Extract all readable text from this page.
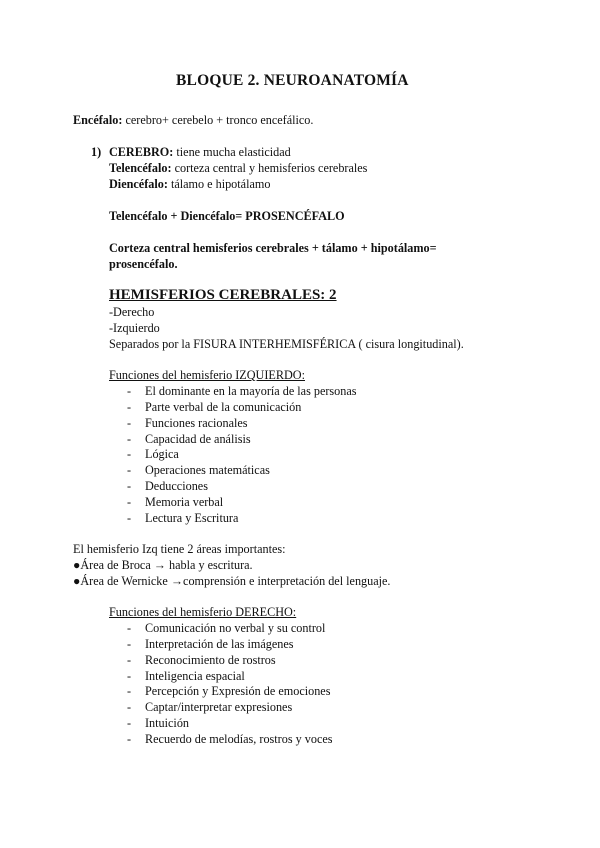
BLOQUE 2. NEUROANATOMÍA
Encéfalo: cerebro+ cerebelo + tronco encefálico.
1) CEREBRO: tiene mucha elasticidad
Telencéfalo: corteza central y hemisferios cerebrales
Diencéfalo: tálamo e hipotálamo
Telencéfalo + Diencéfalo= PROSENCÉFALO
Corteza central hemisferios cerebrales + tálamo + hipotálamo=
prosencéfalo.
HEMISFERIOS CEREBRALES: 2
-Derecho
-Izquierdo
Separados por la FISURA INTERHEMISFÉRICA ( cisura longitudinal).
Funciones del hemisferio IZQUIERDO:
- El dominante en la mayoría de las personas
- Parte verbal de la comunicación
- Funciones racionales
- Capacidad de análisis
- Lógica
- Operaciones matemáticas
- Deducciones
- Memoria verbal
- Lectura y Escritura
El hemisferio Izq tiene 2 áreas importantes:
●Área de Broca → habla y escritura.
●Área de Wernicke →comprensión e interpretación del lenguaje.
Funciones del hemisferio DERECHO:
- Comunicación no verbal y su control
- Interpretación de las imágenes
- Reconocimiento de rostros
- Inteligencia espacial
- Percepción y Expresión de emociones
- Captar/interpretar expresiones
- Intuición
- Recuerdo de melodías, rostros y voces
